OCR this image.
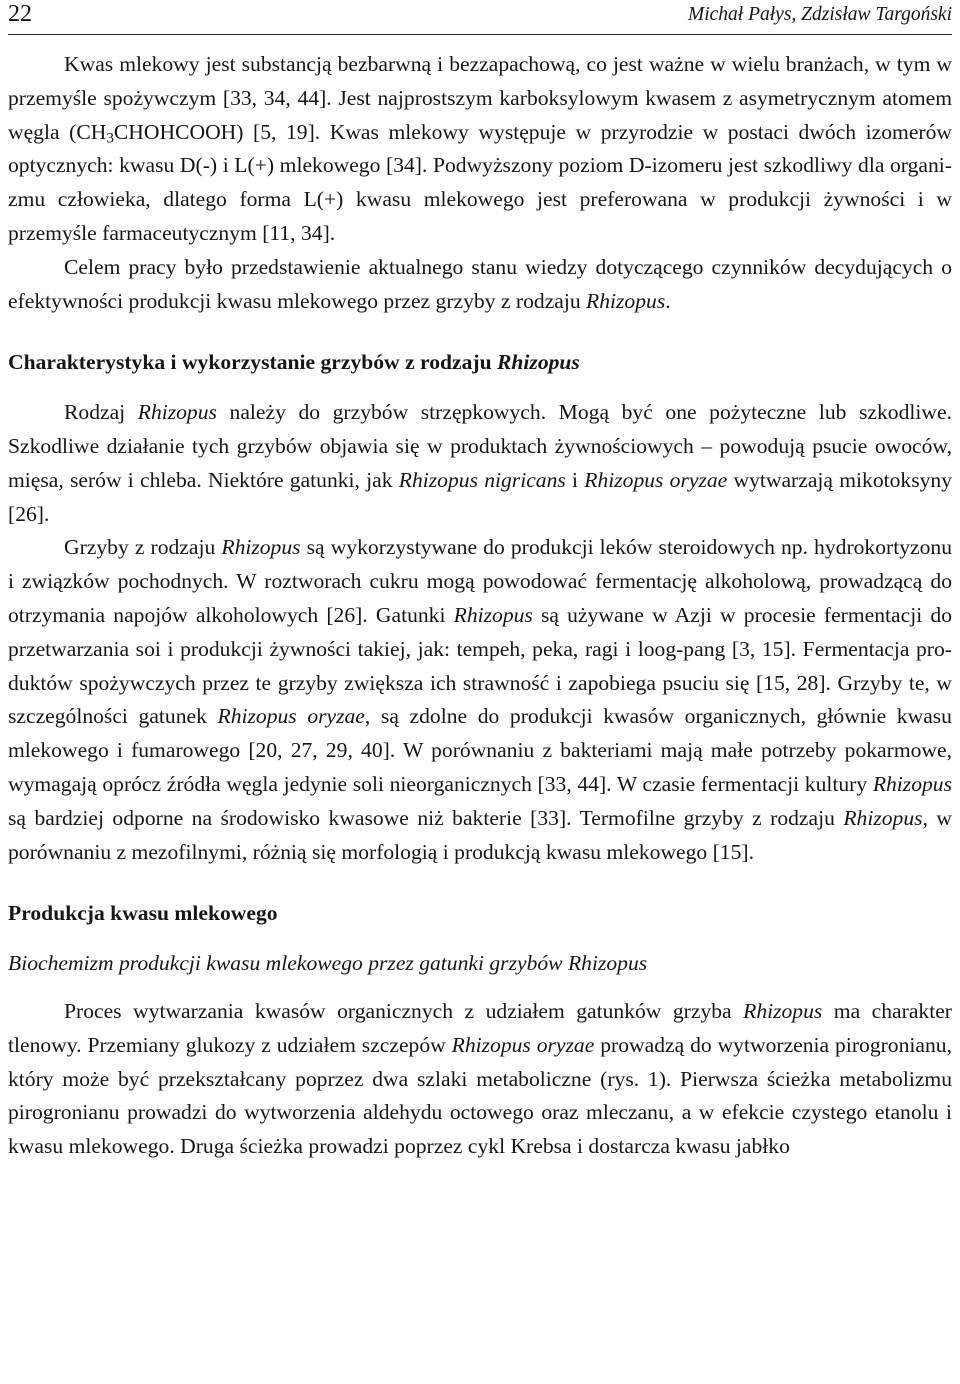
22	Michał Pałys, Zdzisław Targoński

Kwas mlekowy jest substancją bezbarwną i bezzapachową, co jest ważne w wielu branżach, w tym w przemyśle spożywczym [33, 34, 44]. Jest najprostszym karboksylowym kwasem z asymetrycznym atomem węgla $(CH_3CHOHCOOH)$ [5, 19]. Kwas mlekowy występuje w przyrodzie w postaci dwóch izomerów optycznych: kwasu D(-) i L(+) mlekowego [34]. Podwyższony poziom D-izomeru jest szkodliwy dla organizmu człowieka, dlatego forma L(+) kwasu mlekowego jest preferowana w produkcji żywności i w przemyśle farmaceutycznym [11, 34].

Celem pracy było przedstawienie aktualnego stanu wiedzy dotyczącego czynników decydujących o efektywności produkcji kwasu mlekowego przez grzyby z rodzaju Rhizopus.

Charakterystyka i wykorzystanie grzybów z rodzaju Rhizopus

Rodzaj Rhizopus należy do grzybów strzępkowych. Mogą być one pożyteczne lub szkodliwe. Szkodliwe działanie tych grzybów objawia się w produktach żywnościowych – powodują psucie owoców, mięsa, serów i chleba. Niektóre gatunki, jak Rhizopus nigricans i Rhizopus oryzae wytwarzają mikotoksyny [26].

Grzyby z rodzaju Rhizopus są wykorzystywane do produkcji leków steroidowych np. hydrokortyzonu i związków pochodnych. W roztworach cukru mogą powodować fermentację alkoholową, prowadzącą do otrzymania napojów alkoholowych [26]. Gatunki Rhizopus są używane w Azji w procesie fermentacji do przetwarzania soi i produkcji żywności takiej, jak: tempeh, peka, ragi i loog-pang [3, 15]. Fermentacja produktów spożywczych przez te grzyby zwiększa ich strawność i zapobiega psuciu się [15, 28]. Grzyby te, w szczególności gatunek Rhizopus oryzae, są zdolne do produkcji kwasów organicznych, głównie kwasu mlekowego i fumarowego [20, 27, 29, 40]. W porównaniu z bakteriami mają małe potrzeby pokarmowe, wymagają oprócz źródła węgla jedynie soli nieorganicznych [33, 44]. W czasie fermentacji kultury Rhizopus są bardziej odporne na środowisko kwasowe niż bakterie [33]. Termofilne grzyby z rodzaju Rhizopus, w porównaniu z mezofilnymi, różnią się morfologią i produkcją kwasu mlekowego [15].

Produkcja kwasu mlekowego
Biochemizm produkcji kwasu mlekowego przez gatunki grzybów Rhizopus

Proces wytwarzania kwasów organicznych z udziałem gatunków grzyba Rhizopus ma charakter tlenowy. Przemiany glukozy z udziałem szczepów Rhizopus oryzae prowadzą do wytworzenia pirogronianu, który może być przekształcany poprzez dwa szlaki metaboliczne (rys. 1). Pierwsza ścieżka metabolizmu pirogronianu prowadzi do wytworzenia aldehydu octowego oraz mleczanu, a w efekcie czystego etanolu i kwasu mlekowego. Druga ścieżka prowadzi poprzez cykl Krebsa i dostarcza kwasu jabłko
